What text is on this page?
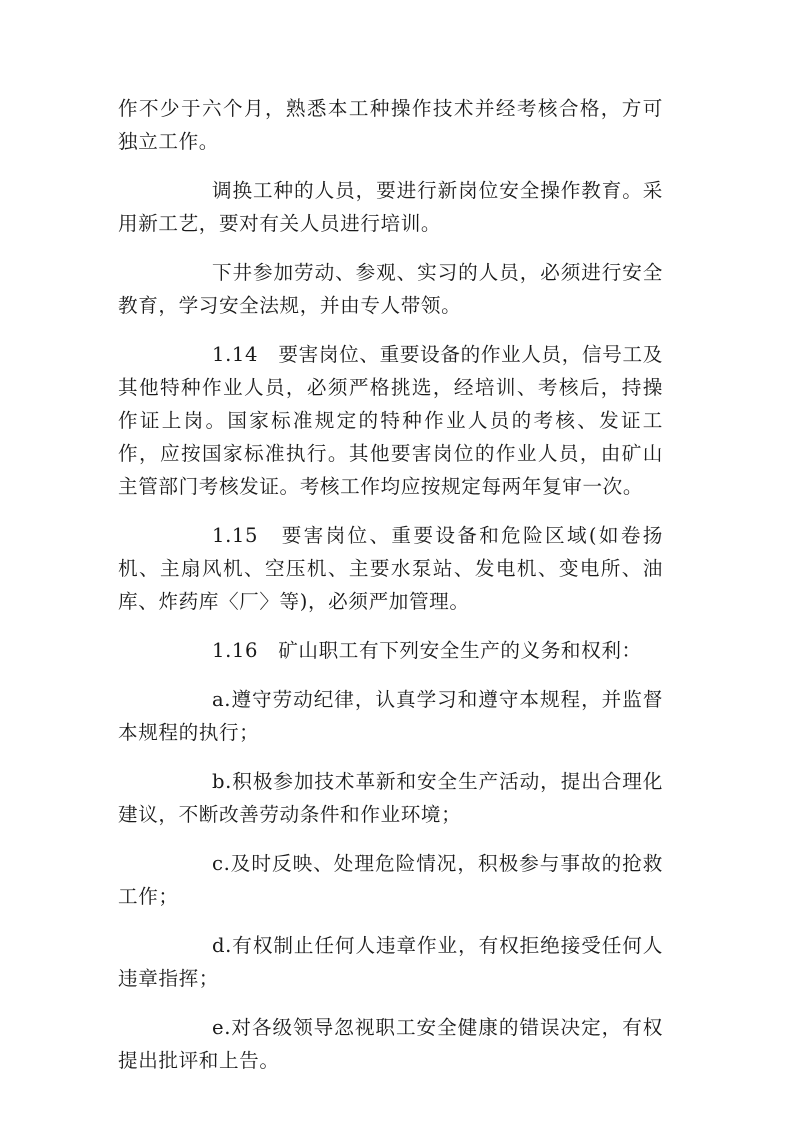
作不少于六个月，熟悉本工种操作技术并经考核合格，方可独立工作。

调换工种的人员，要进行新岗位安全操作教育。采用新工艺，要对有关人员进行培训。

下井参加劳动、参观、实习的人员，必须进行安全教育，学习安全法规，并由专人带领。

1.14　要害岗位、重要设备的作业人员，信号工及其他特种作业人员，必须严格挑选，经培训、考核后，持操作证上岗。国家标准规定的特种作业人员的考核、发证工作，应按国家标准执行。其他要害岗位的作业人员，由矿山主管部门考核发证。考核工作均应按规定每两年复审一次。

1.15　要害岗位、重要设备和危险区域(如卷扬机、主扇风机、空压机、主要水泵站、发电机、变电所、油库、炸药库〈厂〉等)，必须严加管理。

1.16　矿山职工有下列安全生产的义务和权利：

a.遵守劳动纪律，认真学习和遵守本规程，并监督本规程的执行；

b.积极参加技术革新和安全生产活动，提出合理化建议，不断改善劳动条件和作业环境；

c.及时反映、处理危险情况，积极参与事故的抢救工作；

d.有权制止任何人违章作业，有权拒绝接受任何人违章指挥；

e.对各级领导忽视职工安全健康的错误决定，有权提出批评和上告。
